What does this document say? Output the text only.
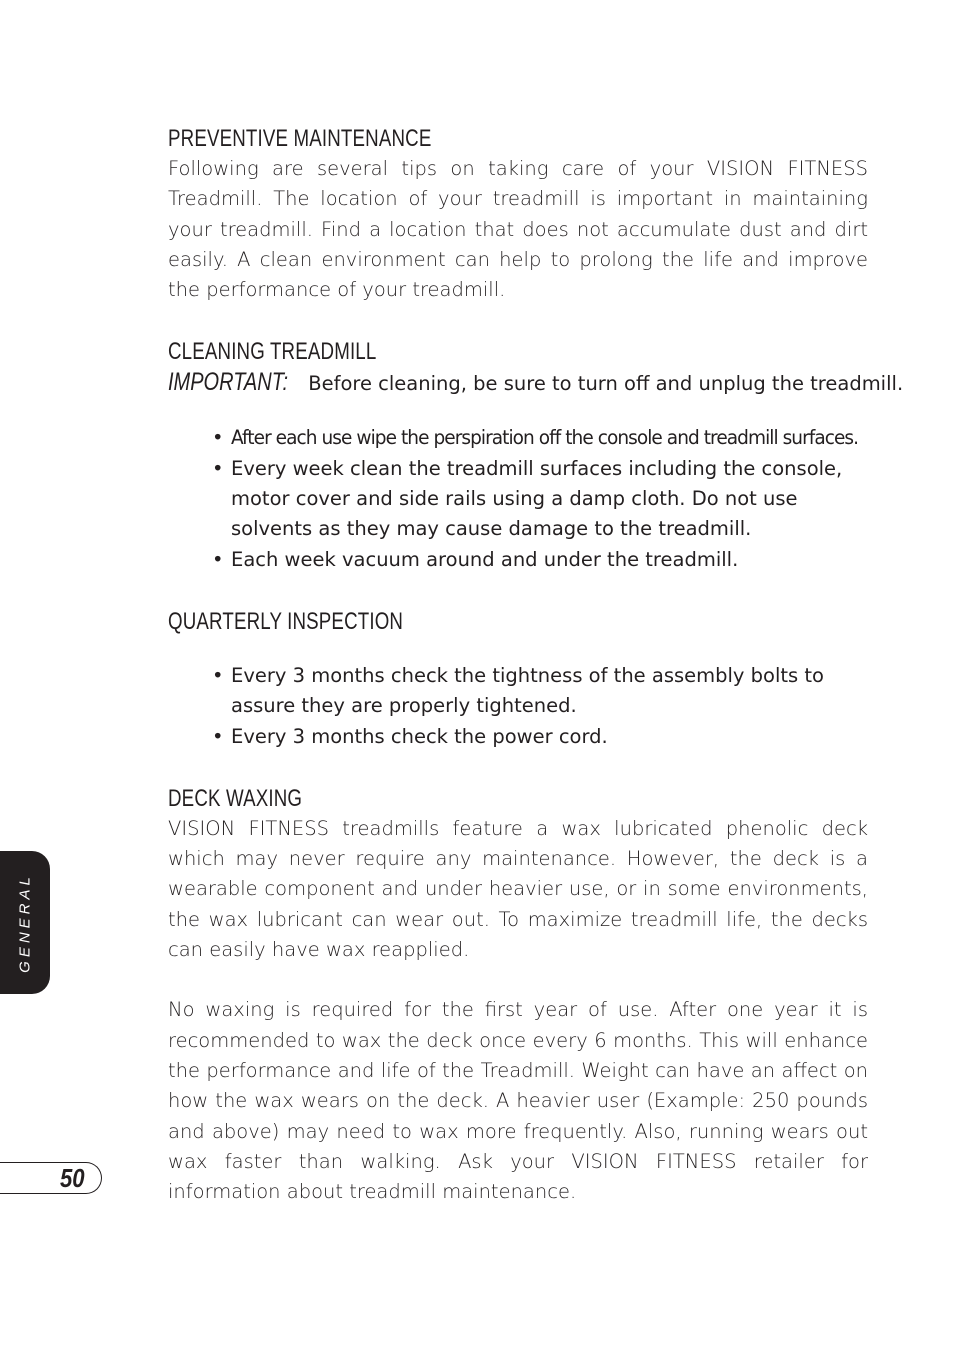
PREVENTIVE MAINTENANCE

Following are several tips on taking care of your VISION FITNESS Treadmill. The location of your treadmill is important in maintaining your treadmill. Find a location that does not accumulate dust and dirt easily. A clean environment can help to prolong the life and improve the performance of your treadmill.

CLEANING TREADMILL
IMPORTANT: Before cleaning, be sure to turn off and unplug the treadmill.
• After each use wipe the perspiration off the console and treadmill surfaces.
• Every week clean the treadmill surfaces including the console, motor cover and side rails using a damp cloth. Do not use solvents as they may cause damage to the treadmill.
• Each week vacuum around and under the treadmill.
QUARTERLY INSPECTION
• Every 3 months check the tightness of the assembly bolts to assure they are properly tightened.
• Every 3 months check the power cord.
DECK WAXING

VISION FITNESS treadmills feature a wax lubricated phenolic deck which may never require any maintenance. However, the deck is a wearable component and under heavier use, or in some environments, the wax lubricant can wear out. To maximize treadmill life, the decks can easily have wax reapplied.

No waxing is required for the first year of use. After one year it is recommended to wax the deck once every 6 months. This will enhance the performance and life of the Treadmill. Weight can have an affect on how the wax wears on the deck. A heavier user (Example: 250 pounds and above) may need to wax more frequently. Also, running wears out wax faster than walking. Ask your VISION FITNESS retailer for information about treadmill maintenance.

GENERAL
50
